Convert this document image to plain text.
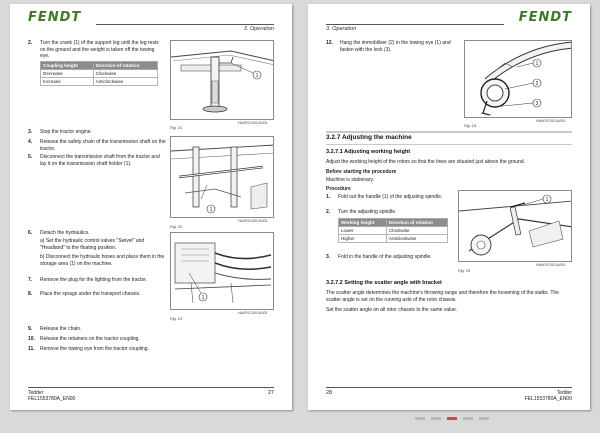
FENDT
3. Operation
2. Turn the crank (1) of the support leg until the leg rests on the ground and the weight is taken off the towing eye.
Coupling height	Direction of rotation
Decrease	Clockwise
Increase	Anticlockwise
1
HA4F021001A001
Fig. 21
3. Stop the tractor engine.
4. Release the safety chain of the transmission shaft on the tractor.
5. Disconnect the transmission shaft from the tractor and lay it on the transmission shaft holder (1).
1
HA4F021001A001
Fig. 22
6. Detach the hydraulics.
a) Set the hydraulic control valves "Swivel" and "Headland" to the floating position.
b) Disconnect the hydraulic hoses and place them in the storage area (1) on the machine.
7. Remove the plug for the lighting from the tractor.
8. Place the sprags under the transport chassis.
1
HA4F021001A001
Fig. 23
9. Release the chain.
10. Release the retainers on the tractor coupling.
11. Remove the towing eye from the tractor coupling.
Tedder
FEL1553780A_EN00
27
3. Operation
FENDT
12. Hang the immobiliser (2) in the towing eye (1) and fasten with the lock (3).
1
2
3
HA4F021001A001
Fig. 24
3.2.7 Adjusting the machine
3.2.7.1 Adjusting working height
Adjust the working height of the rotors so that the tines are situated just above the ground.
Before starting the procedure
Machine is stationary.
Procedure
1. Fold out the handle (1) of the adjusting spindle.
2. Turn the adjusting spindle.
Working height	Direction of rotation
Lower	Clockwise
Higher	Anticlockwise
3. Fold in the handle of the adjusting spindle.
1
HA4F021001A001
Fig. 25
3.2.7.2 Setting the scatter angle with bracket
The scatter angle determines the machine's throwing range and therefore the loosening of the stalks. The scatter angle is set on the running axle of the rotor chassis.
Set the scatter angle on all rotor chassis to the same value.
28	Tedder
FEL1553780A_EN00
